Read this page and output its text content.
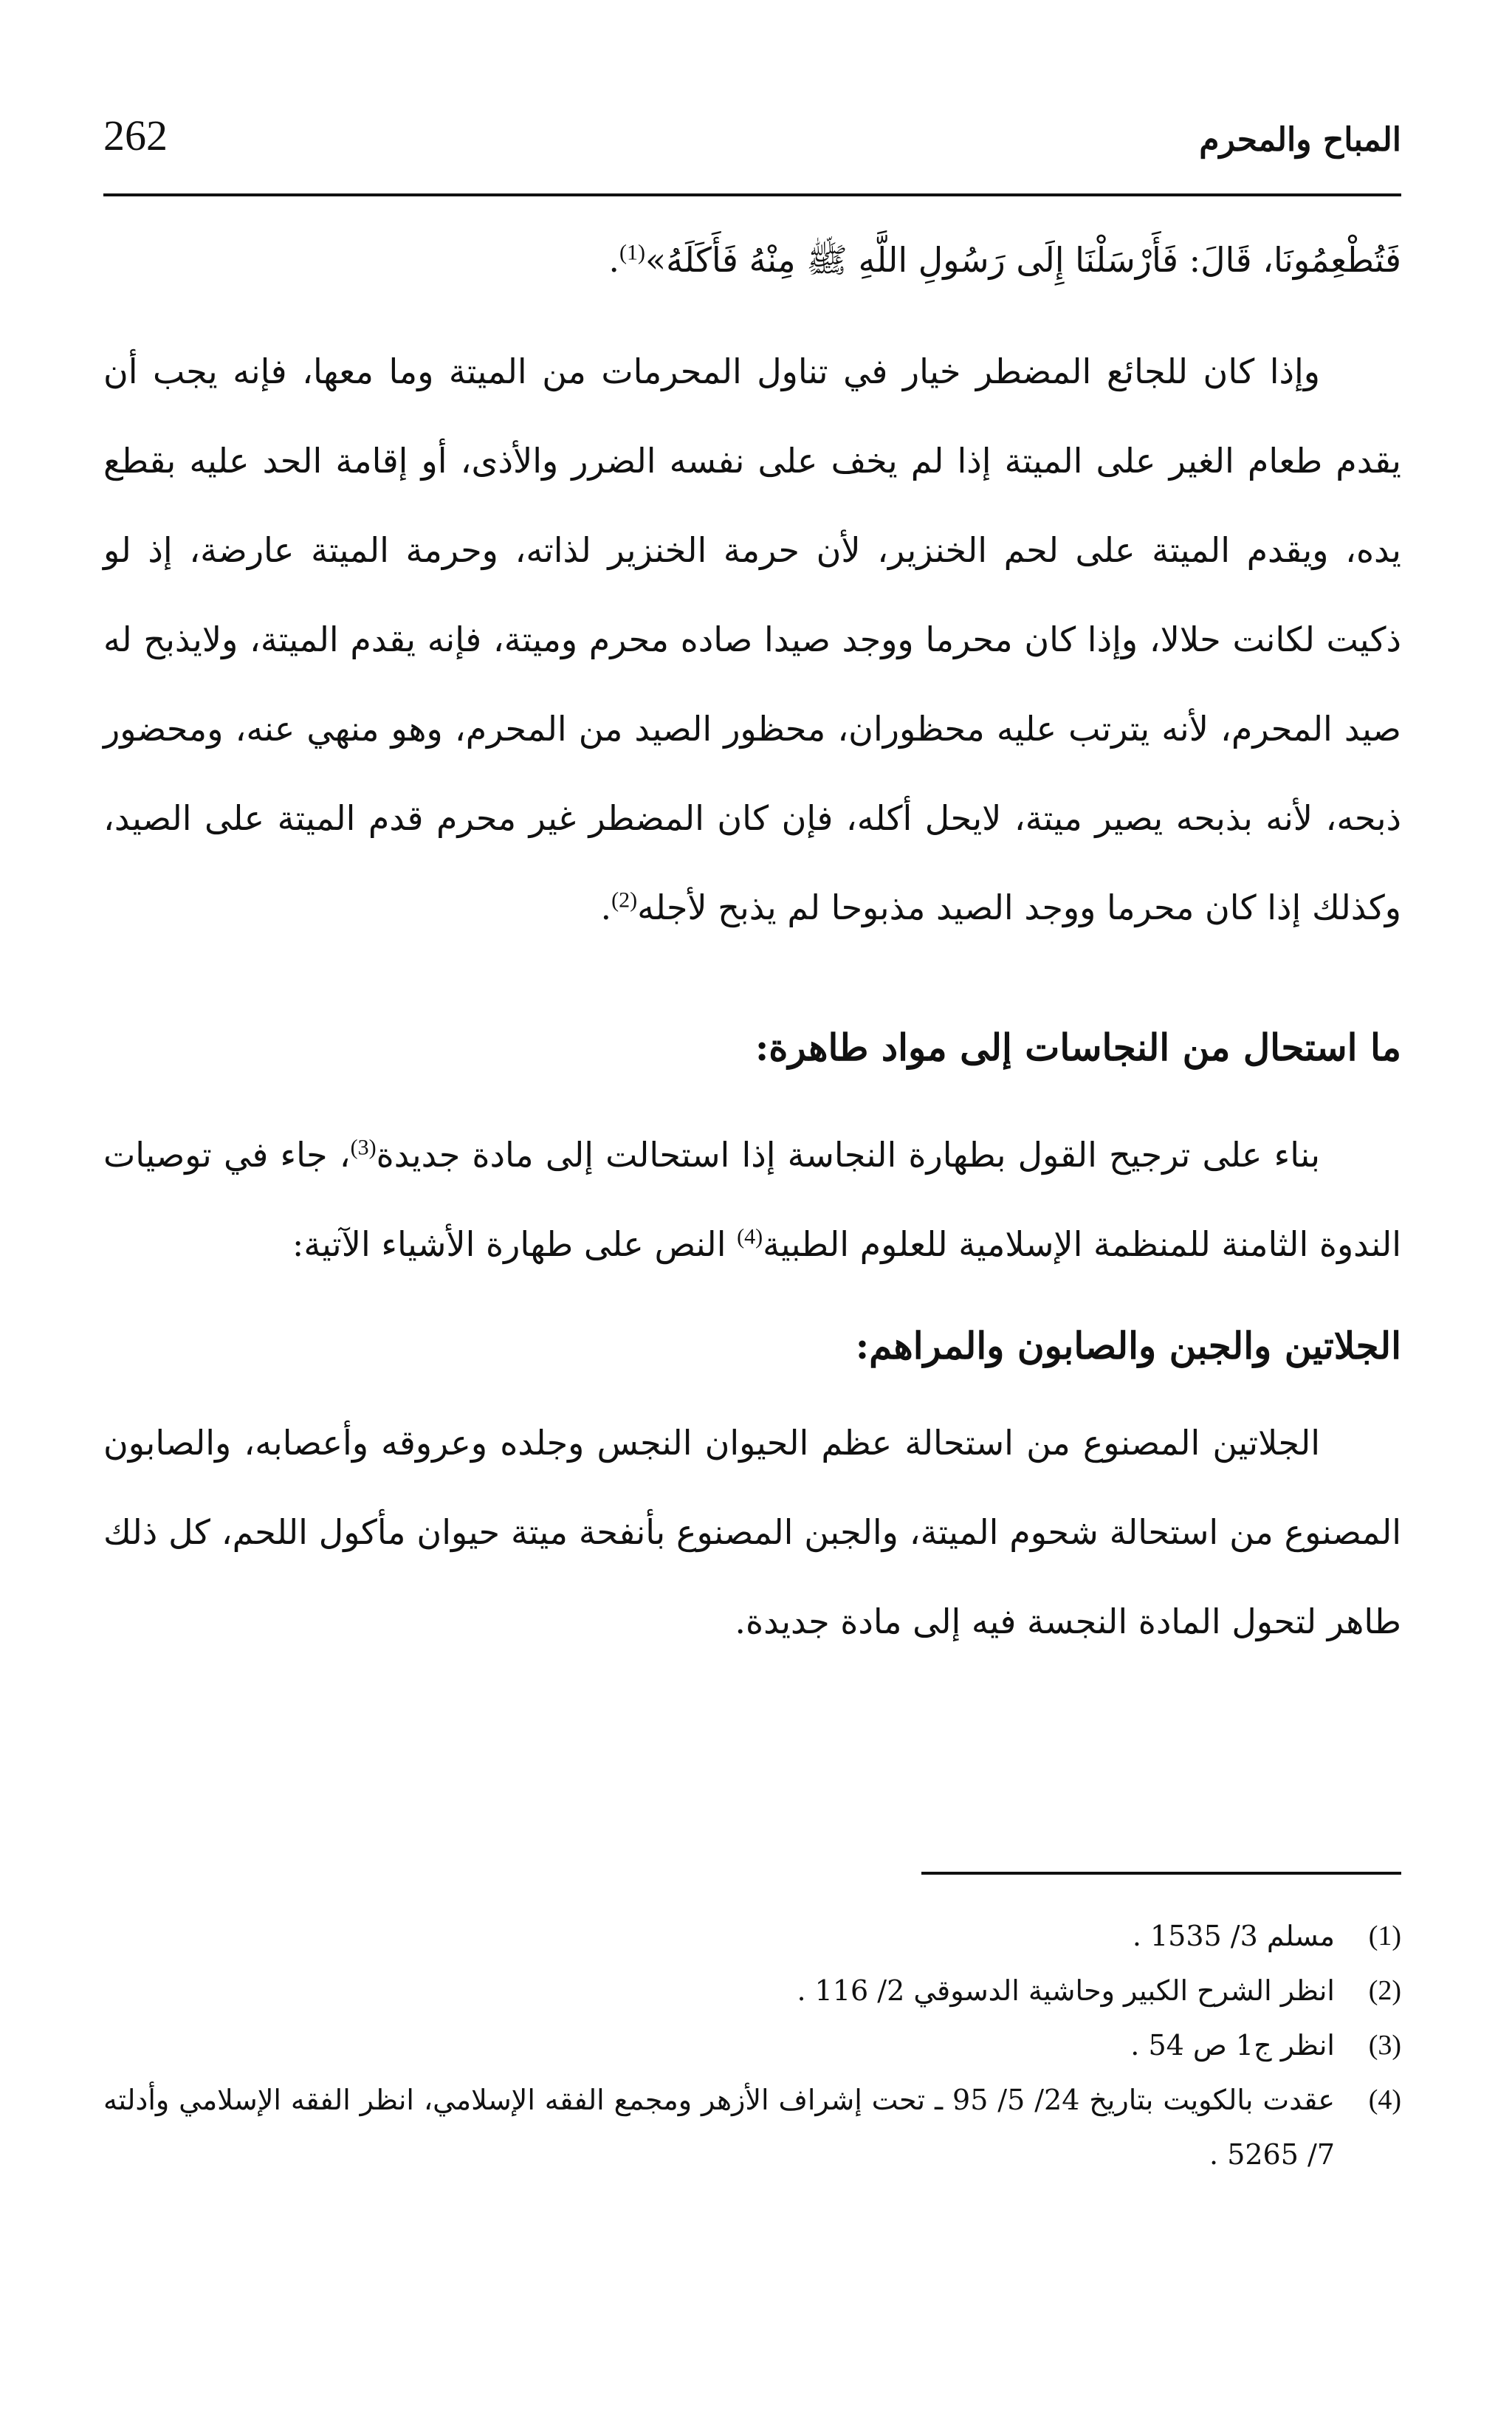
262	المباح والمحرم

فَتُطْعِمُونَا، قَالَ: فَأَرْسَلْنَا إِلَى رَسُولِ اللَّهِ ﷺ مِنْهُ فَأَكَلَهُ»$^{(1)}$.

وإذا كان للجائع المضطر خيار في تناول المحرمات من الميتة وما معها، فإنه يجب أن يقدم طعام الغير على الميتة إذا لم يخف على نفسه الضرر والأذى، أو إقامة الحد عليه بقطع يده، ويقدم الميتة على لحم الخنزير، لأن حرمة الخنزير لذاته، وحرمة الميتة عارضة، إذ لو ذكيت لكانت حلالا، وإذا كان محرما ووجد صيدا صاده محرم وميتة، فإنه يقدم الميتة، ولايذبح له صيد المحرم، لأنه يترتب عليه محظوران، محظور الصيد من المحرم، وهو منهي عنه، ومحضور ذبحه، لأنه بذبحه يصير ميتة، لايحل أكله، فإن كان المضطر غير محرم قدم الميتة على الصيد، وكذلك إذا كان محرما ووجد الصيد مذبوحا لم يذبح لأجله$^{(2)}$.

ما استحال من النجاسات إلى مواد طاهرة:

بناء على ترجيح القول بطهارة النجاسة إذا استحالت إلى مادة جديدة$^{(3)}$، جاء في توصيات الندوة الثامنة للمنظمة الإسلامية للعلوم الطبية$^{(4)}$ النص على طهارة الأشياء الآتية:

الجلاتين والجبن والصابون والمراهم:

الجلاتين المصنوع من استحالة عظم الحيوان النجس وجلده وعروقه وأعصابه، والصابون المصنوع من استحالة شحوم الميتة، والجبن المصنوع بأنفحة ميتة حيوان مأكول اللحم، كل ذلك طاهر لتحول المادة النجسة فيه إلى مادة جديدة.

(1)
مسلم 3/ 1535 .
(2)
انظر الشرح الكبير وحاشية الدسوقي 2/ 116 .
(3)
انظر ج1 ص 54 .
(4)
عقدت بالكويت بتاريخ 24/ 5/ 95 ـ تحت إشراف الأزهر ومجمع الفقه الإسلامي، انظر الفقه الإسلامي وأدلته 7/ 5265 .
